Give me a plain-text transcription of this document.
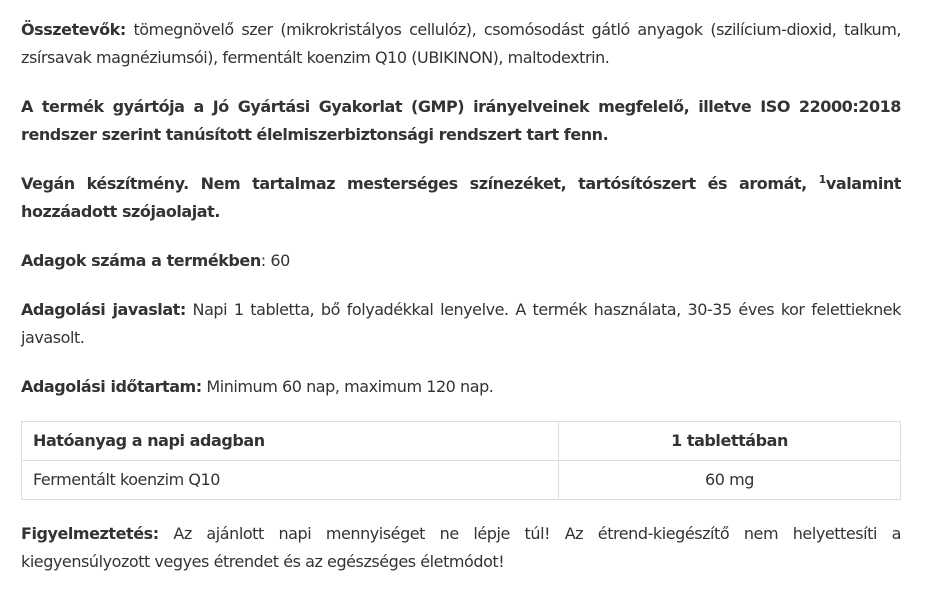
Összetevők: tömegnövelő szer (mikrokristályos cellulóz), csomósodást gátló anyagok (szilícium-dioxid, talkum, zsírsavak magnéziumsói), fermentált koenzim Q10 (UBIKINON), maltodextrin.

A termék gyártója a Jó Gyártási Gyakorlat (GMP) irányelveinek megfelelő, illetve ISO 22000:2018 rendszer szerint tanúsított élelmiszerbiztonsági rendszert tart fenn.

Vegán készítmény. Nem tartalmaz mesterséges színezéket, tartósítószert és aromát, $^1$valamint hozzáadott szójaolajat.

Adagok száma a termékben: 60

Adagolási javaslat: Napi 1 tabletta, bő folyadékkal lenyelve. A termék használata, 30-35 éves kor felettieknek javasolt.

Adagolási időtartam: Minimum 60 nap, maximum 120 nap.

Hatóanyag a napi adagban	1 tablettában
Fermentált koenzim Q10	60 mg

Figyelmeztetés: Az ajánlott napi mennyiséget ne lépje túl! Az étrend-kiegészítő nem helyettesíti a kiegyensúlyozott vegyes étrendet és az egészséges életmódot!
